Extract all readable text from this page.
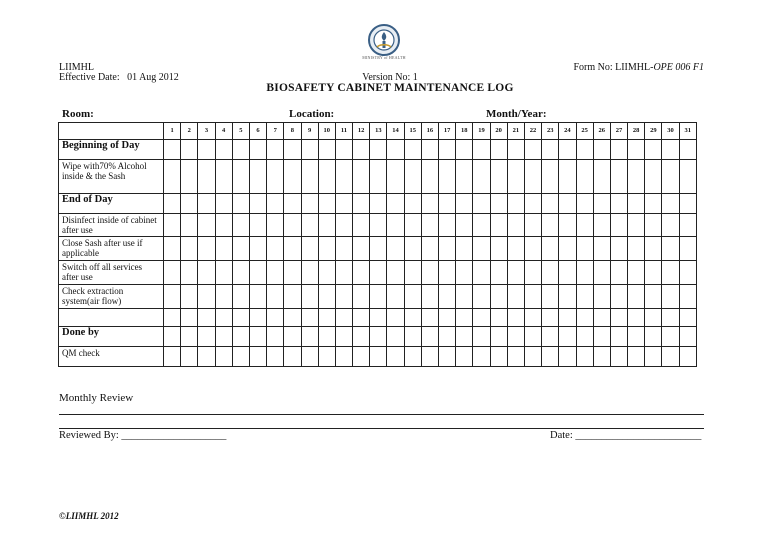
MINISTRY of HEALTH
LIIMHL
Effective Date:   01 Aug 2012
Form No: LIIMHL-OPE 006 F1
Version No: 1
BIOSAFETY CABINET MAINTENANCE LOG
Room:	Location:	Month/Year:
	1	2	3	4	5	6	7	8	9	10	11	12	13	14	15	16	17	18	19	20	21	22	23	24	25	26	27	28	29	30	31
Beginning of Day																															
Wipe with70% Alcohol inside & the Sash																															
End of Day																															
Disinfect inside of cabinet after use																															
Close Sash after use if applicable																															
Switch off all services after use																															
Check extraction system(air flow)																															

Done by																															
QM check																															
Monthly Review
Reviewed By: ____________________	Date: ________________________
©LIIMHL 2012
